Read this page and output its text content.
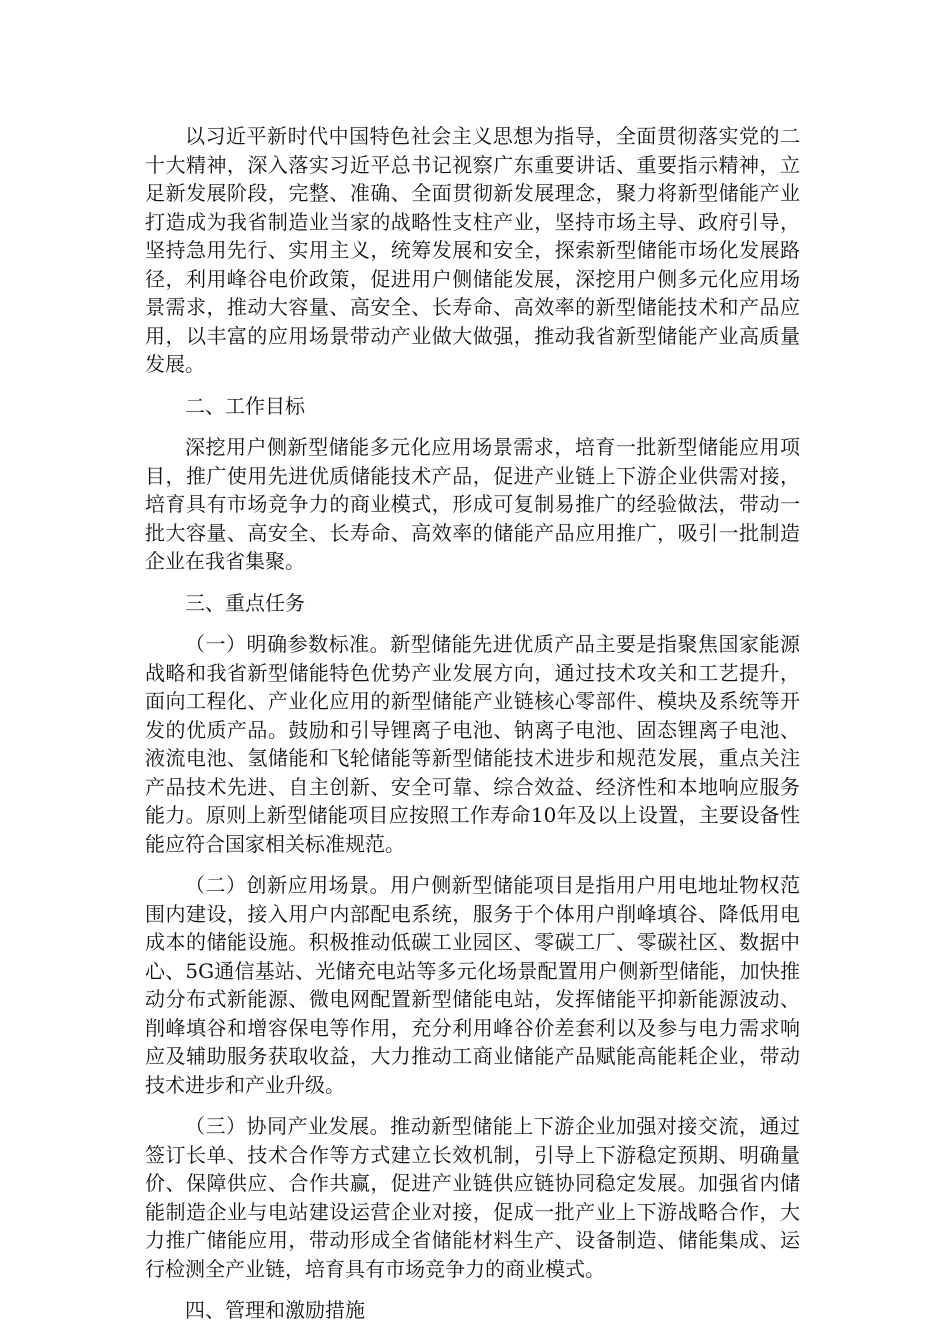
以习近平新时代中国特色社会主义思想为指导，全面贯彻落实党的二十大精神，深入落实习近平总书记视察广东重要讲话、重要指示精神，立足新发展阶段，完整、准确、全面贯彻新发展理念，聚力将新型储能产业打造成为我省制造业当家的战略性支柱产业，坚持市场主导、政府引导，坚持急用先行、实用主义，统筹发展和安全，探索新型储能市场化发展路径，利用峰谷电价政策，促进用户侧储能发展，深挖用户侧多元化应用场景需求，推动大容量、高安全、长寿命、高效率的新型储能技术和产品应用，以丰富的应用场景带动产业做大做强，推动我省新型储能产业高质量发展。

二、工作目标

深挖用户侧新型储能多元化应用场景需求，培育一批新型储能应用项目，推广使用先进优质储能技术产品，促进产业链上下游企业供需对接，培育具有市场竞争力的商业模式，形成可复制易推广的经验做法，带动一批大容量、高安全、长寿命、高效率的储能产品应用推广，吸引一批制造企业在我省集聚。

三、重点任务

（一）明确参数标准。新型储能先进优质产品主要是指聚焦国家能源战略和我省新型储能特色优势产业发展方向，通过技术攻关和工艺提升，面向工程化、产业化应用的新型储能产业链核心零部件、模块及系统等开发的优质产品。鼓励和引导锂离子电池、钠离子电池、固态锂离子电池、液流电池、氢储能和飞轮储能等新型储能技术进步和规范发展，重点关注产品技术先进、自主创新、安全可靠、综合效益、经济性和本地响应服务能力。原则上新型储能项目应按照工作寿命10年及以上设置，主要设备性能应符合国家相关标准规范。

（二）创新应用场景。用户侧新型储能项目是指用户用电地址物权范围内建设，接入用户内部配电系统，服务于个体用户削峰填谷、降低用电成本的储能设施。积极推动低碳工业园区、零碳工厂、零碳社区、数据中心、5G通信基站、光储充电站等多元化场景配置用户侧新型储能，加快推动分布式新能源、微电网配置新型储能电站，发挥储能平抑新能源波动、削峰填谷和增容保电等作用，充分利用峰谷价差套利以及参与电力需求响应及辅助服务获取收益，大力推动工商业储能产品赋能高能耗企业，带动技术进步和产业升级。

（三）协同产业发展。推动新型储能上下游企业加强对接交流，通过签订长单、技术合作等方式建立长效机制，引导上下游稳定预期、明确量价、保障供应、合作共赢，促进产业链供应链协同稳定发展。加强省内储能制造企业与电站建设运营企业对接，促成一批产业上下游战略合作，大力推广储能应用，带动形成全省储能材料生产、设备制造、储能集成、运行检测全产业链，培育具有市场竞争力的商业模式。

四、管理和激励措施
